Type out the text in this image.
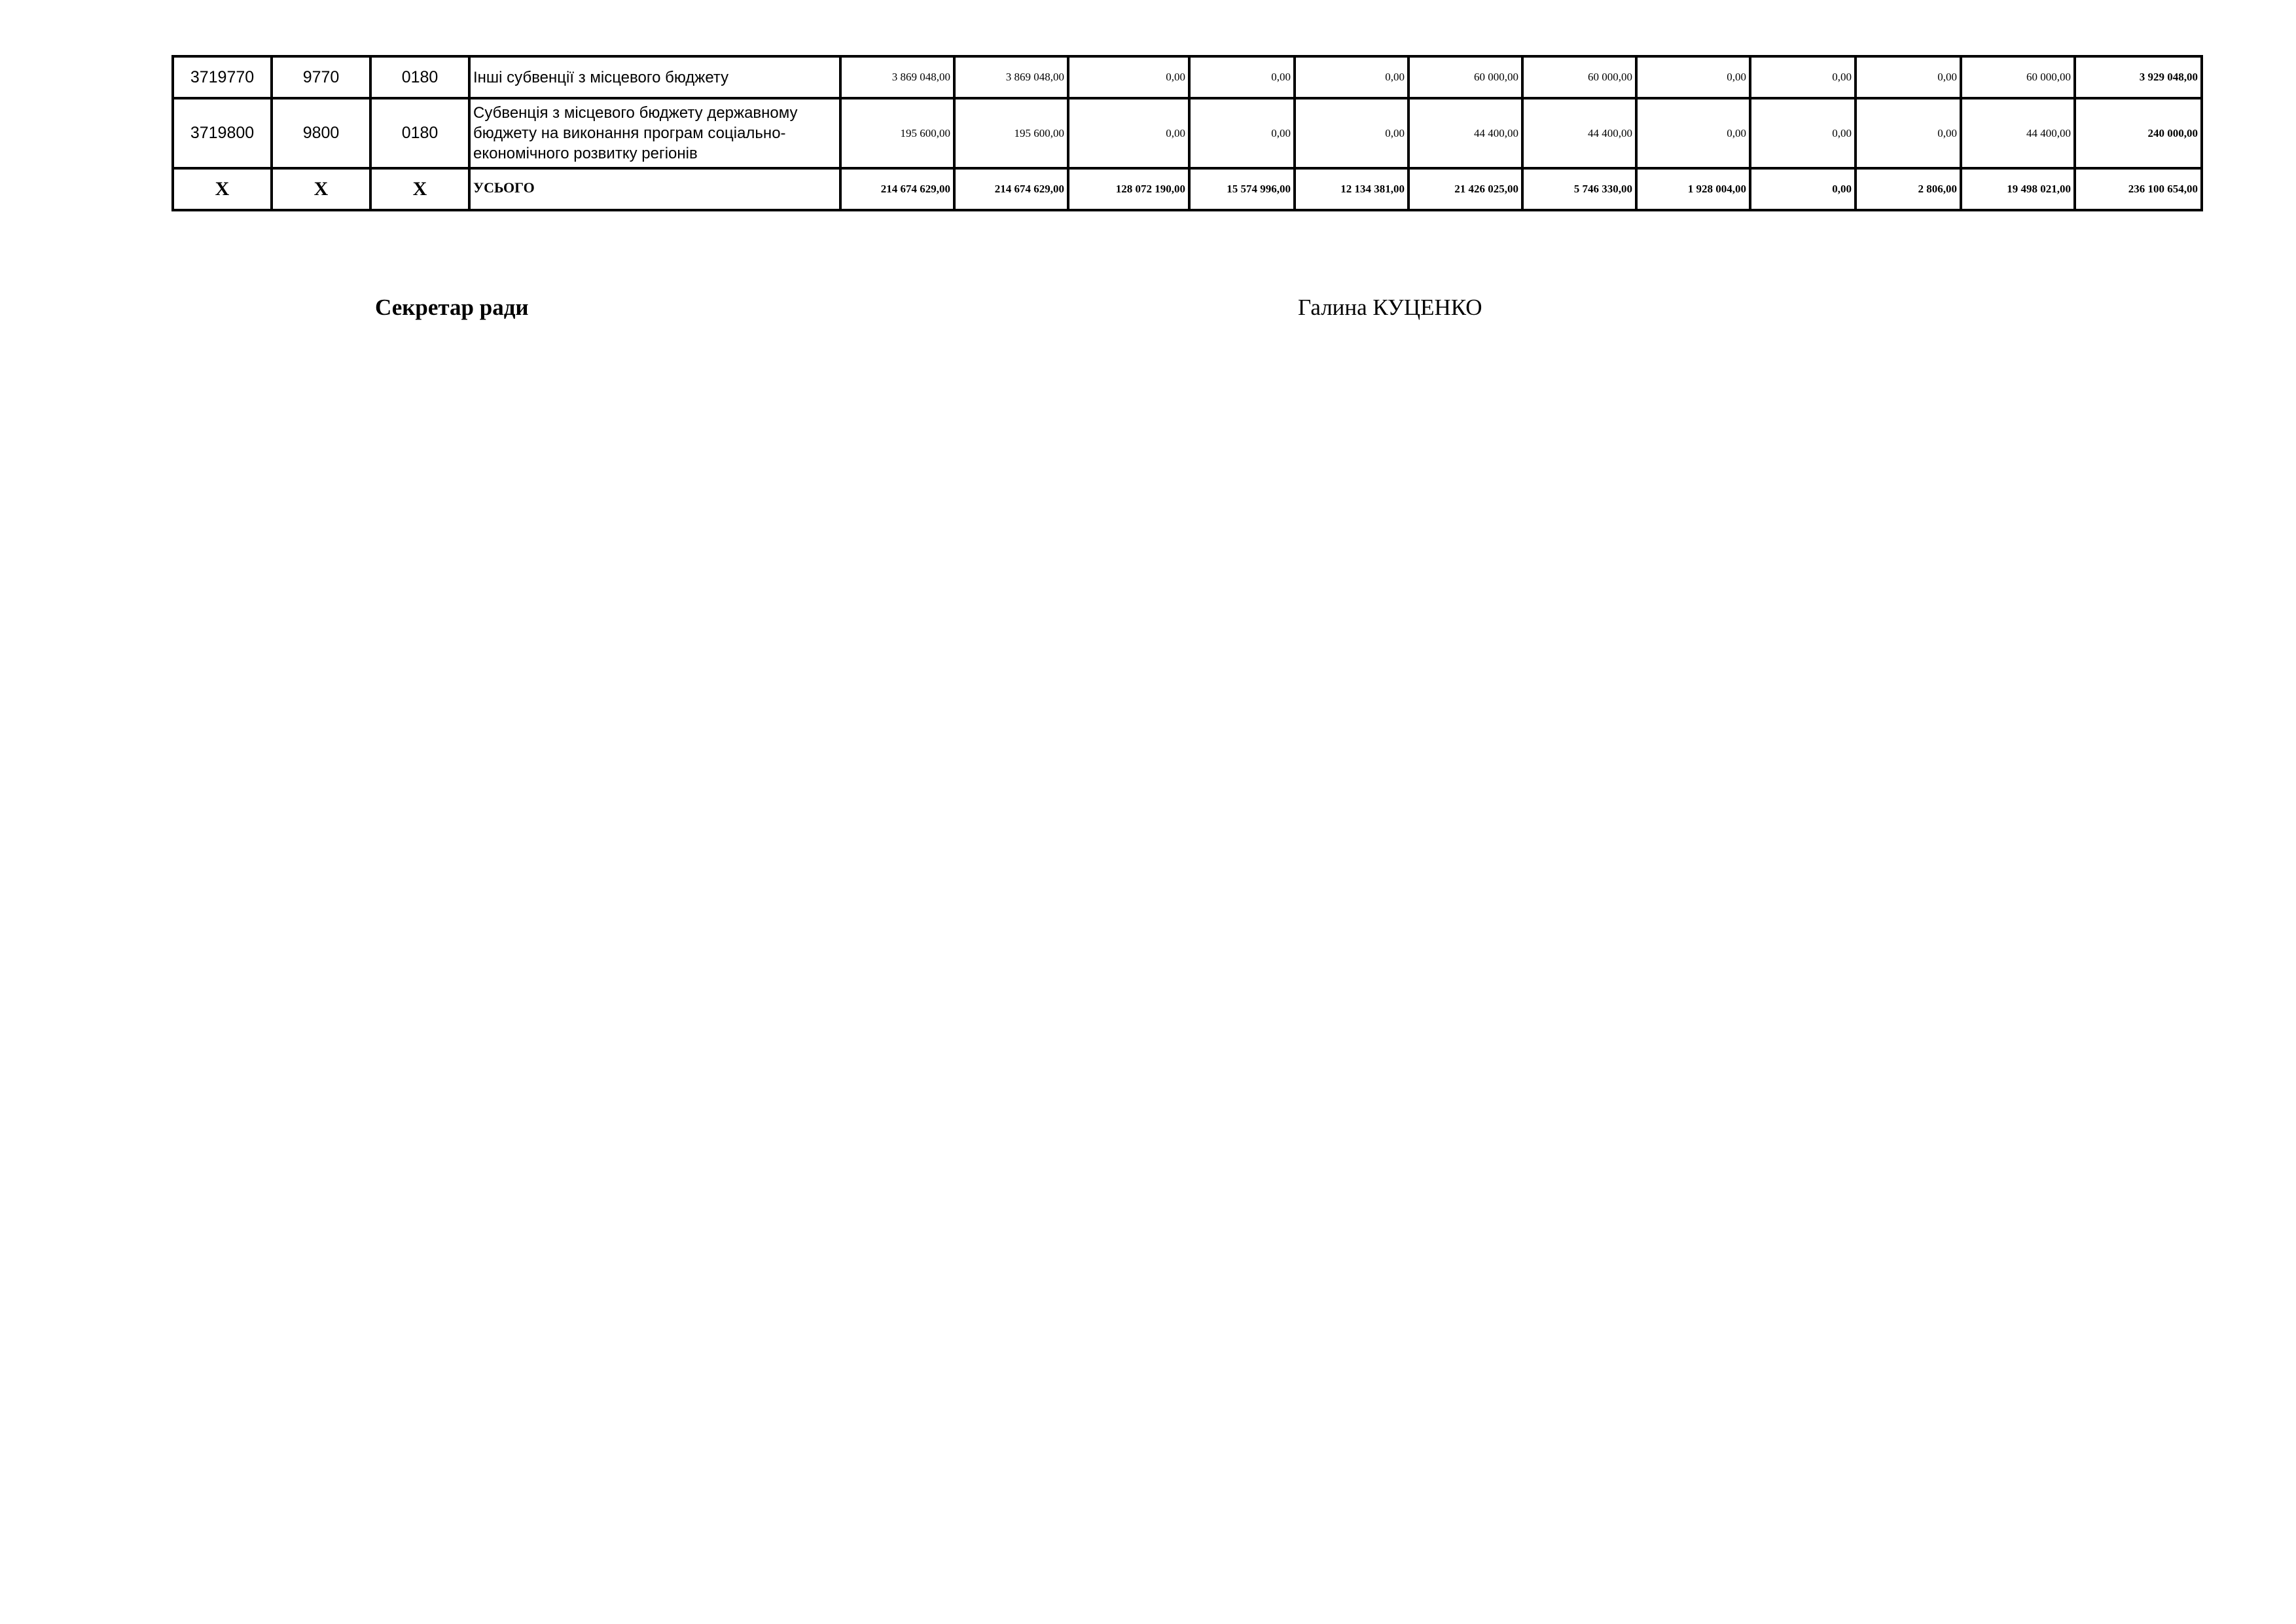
3719770	9770	0180	Інші субвенції з місцевого бюджету	3 869 048,00	3 869 048,00	0,00	0,00	0,00	60 000,00	60 000,00	0,00	0,00	0,00	60 000,00	3 929 048,00
3719800	9800	0180	Субвенція з місцевого бюджету державному бюджету на виконання програм соціально-економічного розвитку регіонів	195 600,00	195 600,00	0,00	0,00	0,00	44 400,00	44 400,00	0,00	0,00	0,00	44 400,00	240 000,00
X	X	X	УСЬОГО	214 674 629,00	214 674 629,00	128 072 190,00	15 574 996,00	12 134 381,00	21 426 025,00	5 746 330,00	1 928 004,00	0,00	2 806,00	19 498 021,00	236 100 654,00
Секретар ради	Галина КУЦЕНКО
